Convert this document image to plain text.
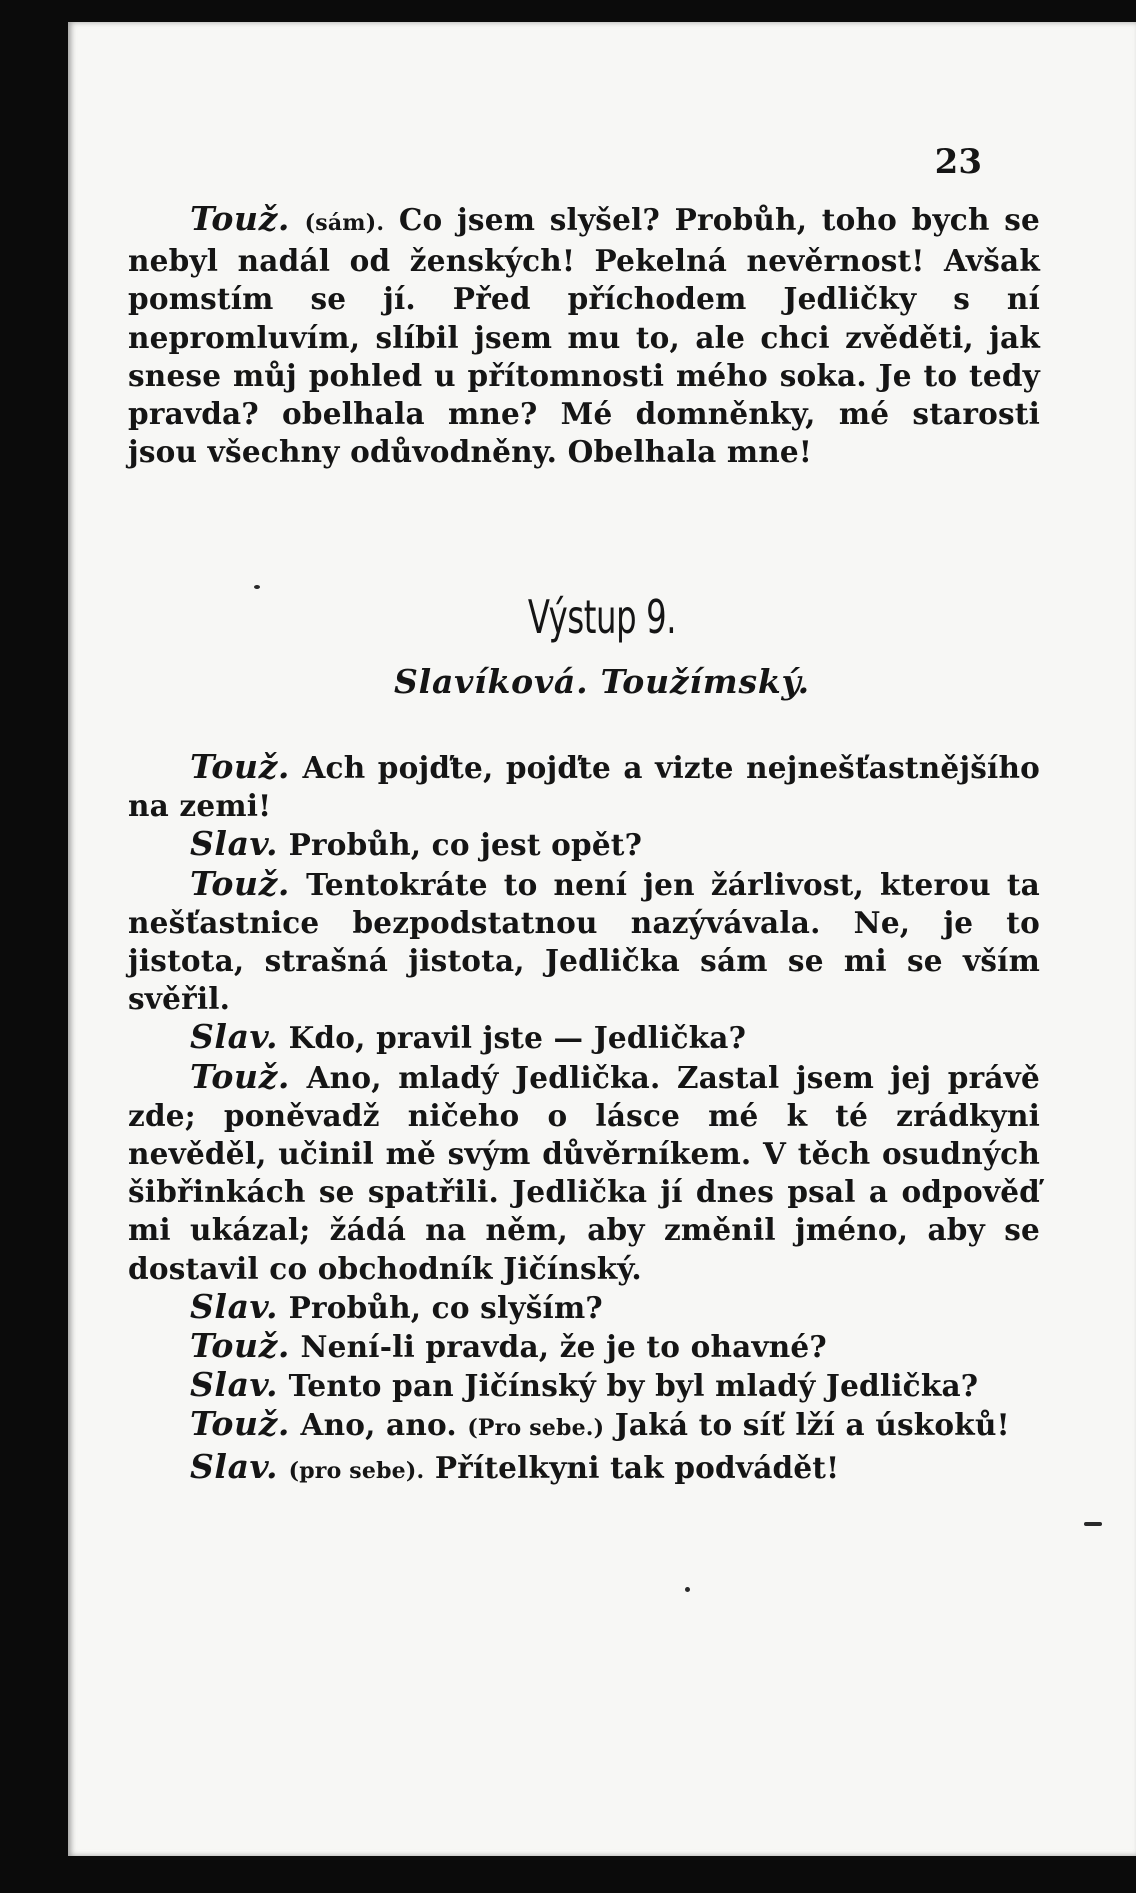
23

Touž. (sám). Co jsem slyšel? Probůh, toho bych se nebyl nadál od ženských! Pekelná nevěrnost! Avšak pomstím se jí. Před příchodem Jedličky s ní nepromluvím, slíbil jsem mu to, ale chci zvěděti, jak snese můj pohled u přítomnosti mého soka. Je to tedy pravda? obelhala mne? Mé domněnky, mé starosti jsou všechny odůvodněny. Obelhala mne!

Výstup 9.
Slavíková. Toužímský.

Touž. Ach pojďte, pojďte a vizte nejnešťastnějšího na zemi!

Slav. Probůh, co jest opět?

Touž. Tentokráte to není jen žárlivost, kterou ta nešťastnice bezpodstatnou nazývávala. Ne, je to jistota, strašná jistota, Jedlička sám se mi se vším svěřil.

Slav. Kdo, pravil jste — Jedlička?

Touž. Ano, mladý Jedlička. Zastal jsem jej právě zde; poněvadž ničeho o lásce mé k té zrádkyni nevěděl, učinil mě svým důvěrníkem. V těch osudných šibřinkách se spatřili. Jedlička jí dnes psal a odpověď mi ukázal; žádá na něm, aby změnil jméno, aby se dostavil co obchodník Jičínský.

Slav. Probůh, co slyším?

Touž. Není-li pravda, že je to ohavné?

Slav. Tento pan Jičínský by byl mladý Jedlička?

Touž. Ano, ano. (Pro sebe.) Jaká to síť lží a úskoků!

Slav. (pro sebe). Přítelkyni tak podvádět!
